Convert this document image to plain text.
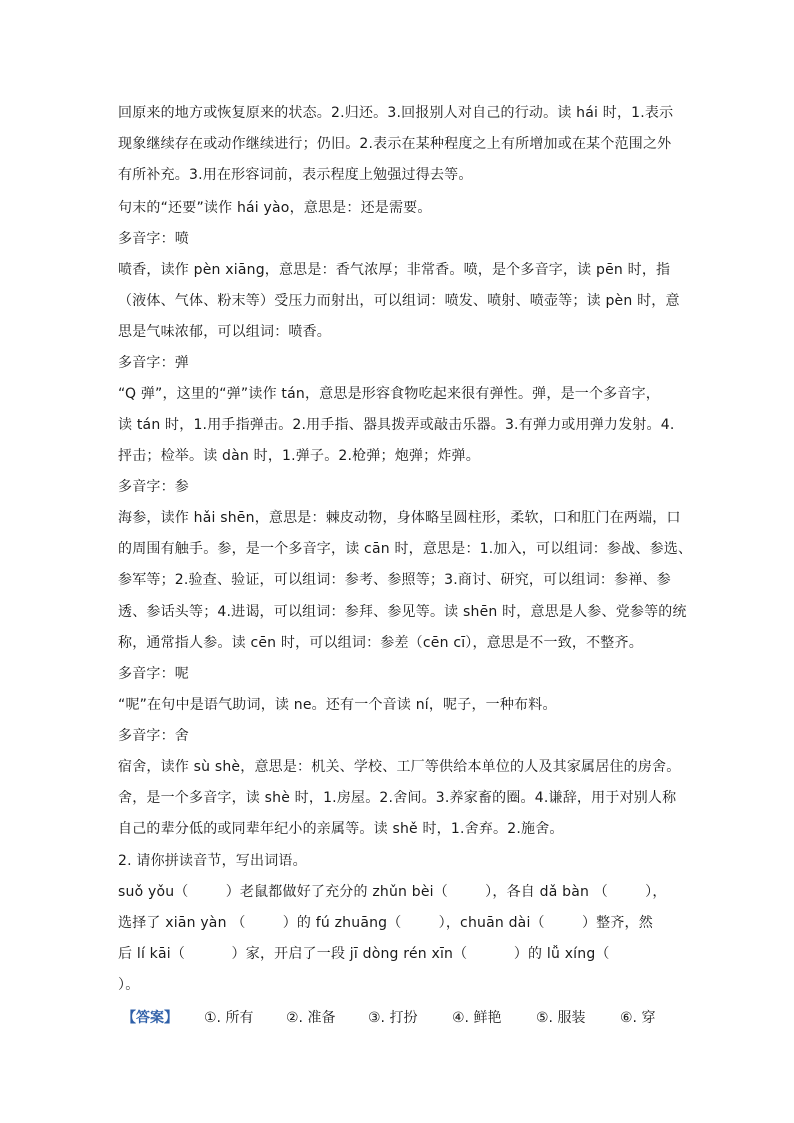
回原来的地方或恢复原来的状态。2.归还。3.回报别人对自己的行动。读 hái 时，1.表示
现象继续存在或动作继续进行；仍旧。2.表示在某种程度之上有所增加或在某个范围之外
有所补充。3.用在形容词前，表示程度上勉强过得去等。
句末的“还要”读作 hái yào，意思是：还是需要。
多音字：喷
喷香，读作 pèn xiāng，意思是：香气浓厚；非常香。喷，是个多音字，读 pēn 时，指
（液体、气体、粉末等）受压力而射出，可以组词：喷发、喷射、喷壶等；读 pèn 时，意
思是气味浓郁，可以组词：喷香。
多音字：弹
“Q 弹”，这里的“弹”读作 tán，意思是形容食物吃起来很有弹性。弹，是一个多音字，
读 tán 时，1.用手指弹击。2.用手指、器具拨弄或敲击乐器。3.有弹力或用弹力发射。4.
抨击；检举。读 dàn 时，1.弹子。2.枪弹；炮弹；炸弹。
多音字：参
海参，读作 hǎi shēn，意思是：棘皮动物，身体略呈圆柱形，柔软，口和肛门在两端，口
的周围有触手。参，是一个多音字，读 cān 时，意思是：1.加入，可以组词：参战、参选、
参军等；2.验查、验证，可以组词：参考、参照等；3.商讨、研究，可以组词：参禅、参
透、参话头等；4.进谒，可以组词：参拜、参见等。读 shēn 时，意思是人参、党参等的统
称，通常指人参。读 cēn 时，可以组词：参差（cēn cī），意思是不一致，不整齐。
多音字：呢
“呢”在句中是语气助词，读 ne。还有一个音读 ní，呢子，一种布料。
多音字：舍
宿舍，读作 sù shè，意思是：机关、学校、工厂等供给本单位的人及其家属居住的房舍。
舍，是一个多音字，读 shè 时，1.房屋。2.舍间。3.养家畜的圈。4.谦辞，用于对别人称
自己的辈分低的或同辈年纪小的亲属等。读 shě 时，1.舍弃。2.施舍。
2. 请你拼读音节，写出词语。
suǒ yǒu（        ）老鼠都做好了充分的 zhǔn bèi（        ），各自 dǎ bàn （        ），
选择了 xiān yàn （        ）的 fú zhuāng（        ），chuān dài（        ）整齐，然
后 lí kāi（          ）家，开启了一段 jī dòng rén xīn（          ）的 lǚ xíng（
）。
【答案】 ①. 所有 ②. 准备 ③. 打扮 ④. 鲜艳 ⑤. 服装 ⑥. 穿
